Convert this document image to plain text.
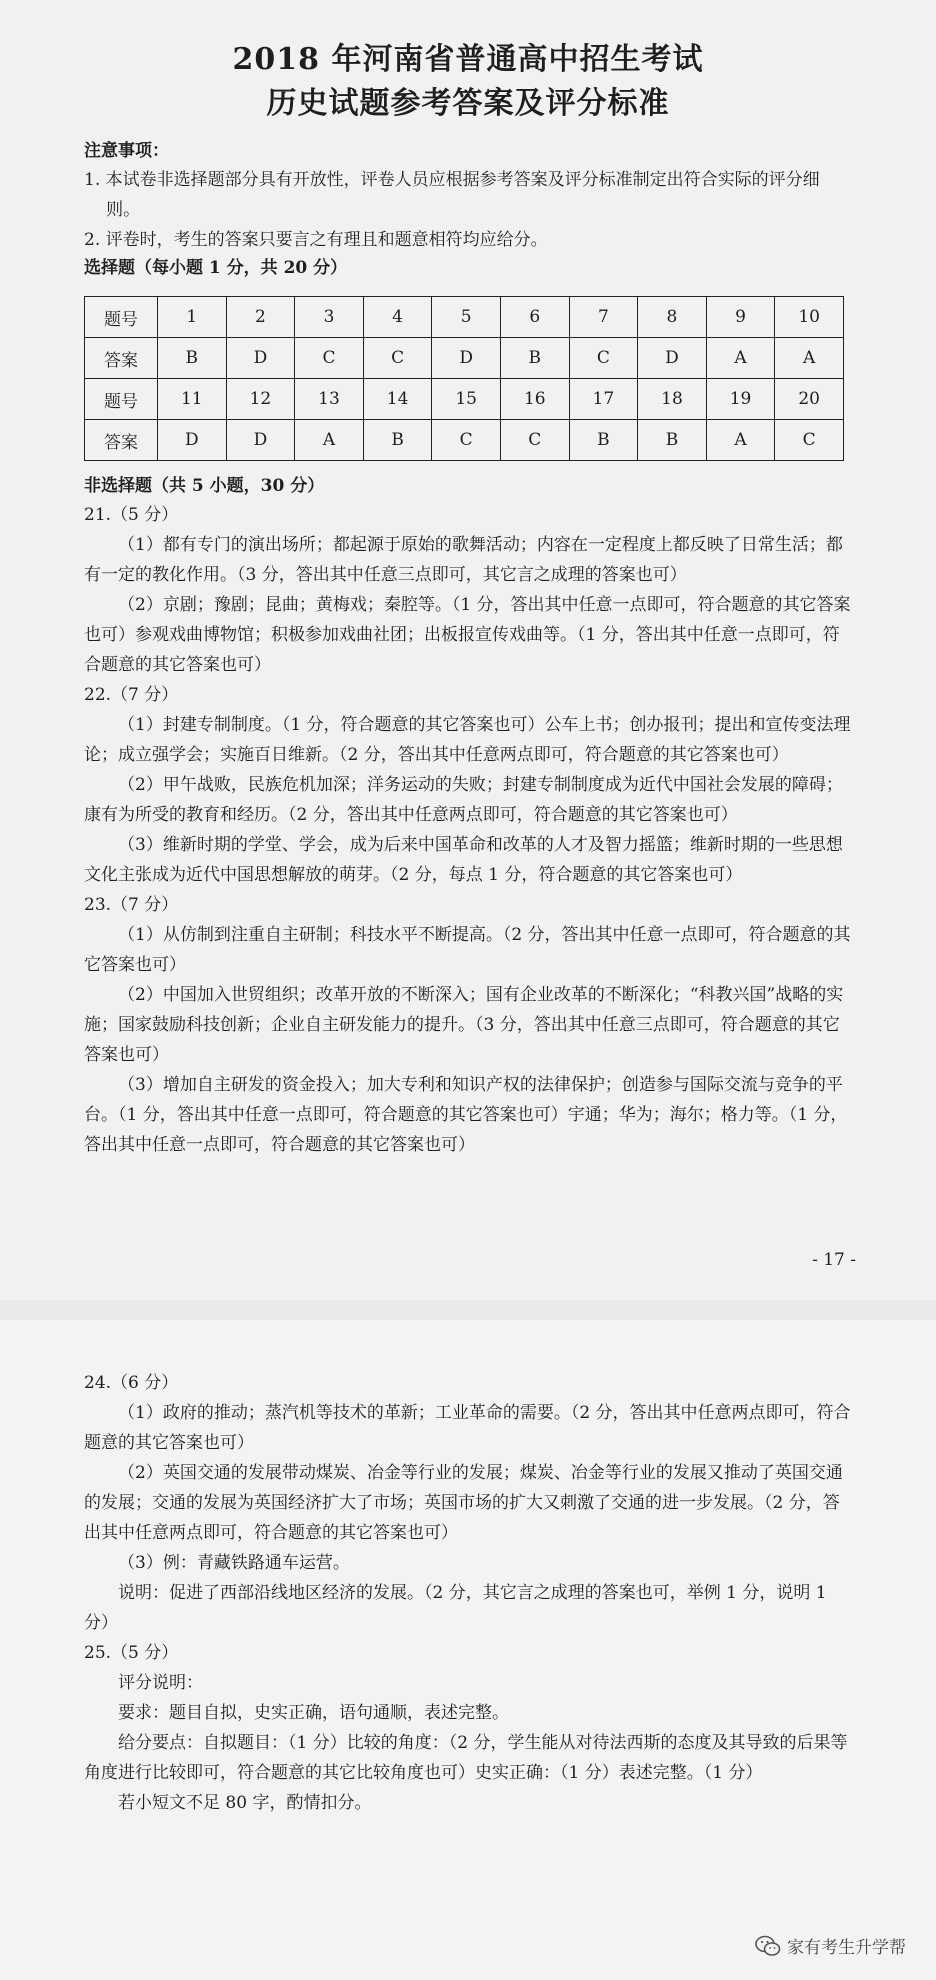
2018 年河南省普通高中招生考试
历史试题参考答案及评分标准
注意事项：

1. 本试卷非选择题部分具有开放性，评卷人员应根据参考答案及评分标准制定出符合实际的评分细则。

2. 评卷时，考生的答案只要言之有理且和题意相符均应给分。

选择题（每小题 1 分，共 20 分）
题号	1	2	3	4	5	6	7	8	9	10
答案	B	D	C	C	D	B	C	D	A	A
题号	11	12	13	14	15	16	17	18	19	20
答案	D	D	A	B	C	C	B	B	A	C
非选择题（共 5 小题，30 分）
21.（5 分）

（1）都有专门的演出场所；都起源于原始的歌舞活动；内容在一定程度上都反映了日常生活；都有一定的教化作用。（3 分，答出其中任意三点即可，其它言之成理的答案也可）

（2）京剧；豫剧；昆曲；黄梅戏；秦腔等。（1 分，答出其中任意一点即可，符合题意的其它答案也可）参观戏曲博物馆；积极参加戏曲社团；出板报宣传戏曲等。（1 分，答出其中任意一点即可，符合题意的其它答案也可）

22.（7 分）

（1）封建专制制度。（1 分，符合题意的其它答案也可）公车上书；创办报刊；提出和宣传变法理论；成立强学会；实施百日维新。（2 分，答出其中任意两点即可，符合题意的其它答案也可）

（2）甲午战败，民族危机加深；洋务运动的失败；封建专制制度成为近代中国社会发展的障碍；康有为所受的教育和经历。（2 分，答出其中任意两点即可，符合题意的其它答案也可）

（3）维新时期的学堂、学会，成为后来中国革命和改革的人才及智力摇篮；维新时期的一些思想文化主张成为近代中国思想解放的萌芽。（2 分，每点 1 分，符合题意的其它答案也可）

23.（7 分）

（1）从仿制到注重自主研制；科技水平不断提高。（2 分，答出其中任意一点即可，符合题意的其它答案也可）

（2）中国加入世贸组织；改革开放的不断深入；国有企业改革的不断深化；“科教兴国”战略的实施；国家鼓励科技创新；企业自主研发能力的提升。（3 分，答出其中任意三点即可，符合题意的其它答案也可）

（3）增加自主研发的资金投入；加大专利和知识产权的法律保护；创造参与国际交流与竞争的平台。（1 分，答出其中任意一点即可，符合题意的其它答案也可）宇通；华为；海尔；格力等。（1 分，答出其中任意一点即可，符合题意的其它答案也可）

- 17 -
24.（6 分）

（1）政府的推动；蒸汽机等技术的革新；工业革命的需要。（2 分，答出其中任意两点即可，符合题意的其它答案也可）

（2）英国交通的发展带动煤炭、冶金等行业的发展；煤炭、冶金等行业的发展又推动了英国交通的发展；交通的发展为英国经济扩大了市场；英国市场的扩大又刺激了交通的进一步发展。（2 分，答出其中任意两点即可，符合题意的其它答案也可）

（3）例：青藏铁路通车运营。

说明：促进了西部沿线地区经济的发展。（2 分，其它言之成理的答案也可，举例 1 分，说明 1 分）

25.（5 分）

评分说明：

要求：题目自拟，史实正确，语句通顺，表述完整。

给分要点：自拟题目：（1 分）比较的角度：（2 分，学生能从对待法西斯的态度及其导致的后果等角度进行比较即可，符合题意的其它比较角度也可）史实正确：（1 分）表述完整。（1 分）

若小短文不足 80 字，酌情扣分。

家有考生升学帮
